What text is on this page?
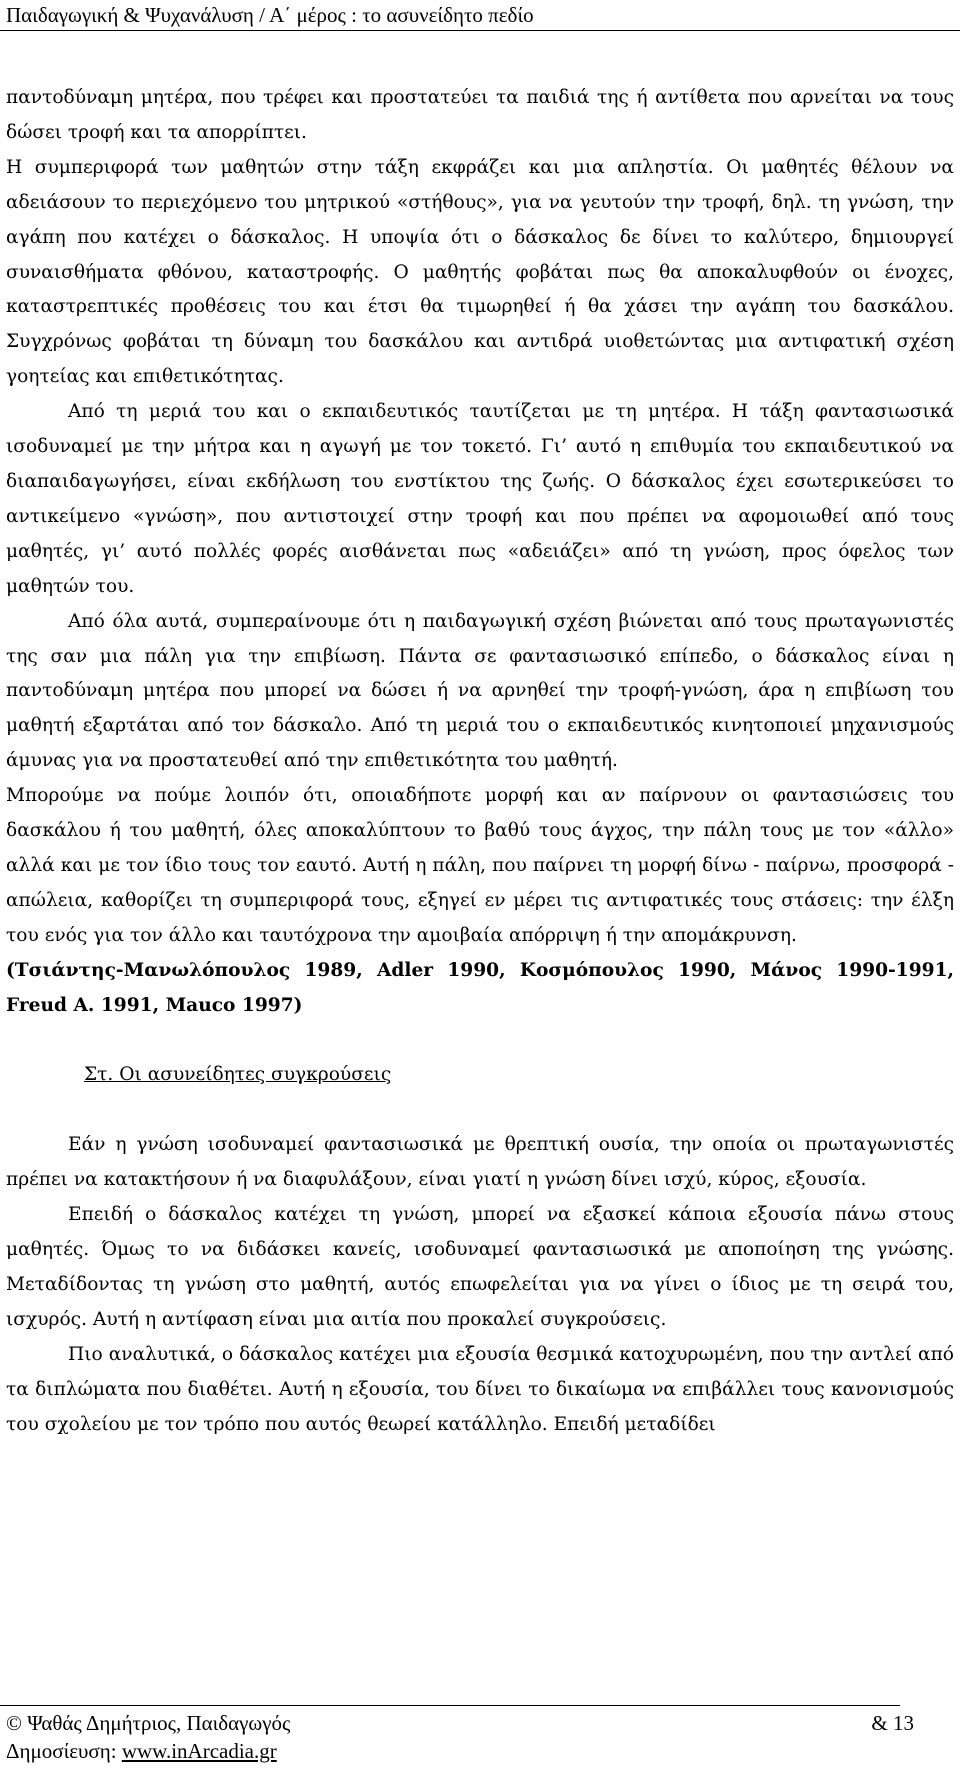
Παιδαγωγική & Ψυχανάλυση / Α΄ μέρος : το ασυνείδητο πεδίο

παντοδύναμη μητέρα, που τρέφει και προστατεύει τα παιδιά της ή αντίθετα που αρνείται να τους δώσει τροφή και τα απορρίπτει.

Η συμπεριφορά των μαθητών στην τάξη εκφράζει και μια απληστία. Οι μαθητές θέλουν να αδειάσουν το περιεχόμενο του μητρικού «στήθους», για να γευτούν την τροφή, δηλ. τη γνώση, την αγάπη που κατέχει ο δάσκαλος. Η υποψία ότι ο δάσκαλος δε δίνει το καλύτερο, δημιουργεί συναισθήματα φθόνου, καταστροφής. Ο μαθητής φοβάται πως θα αποκαλυφθούν οι ένοχες, καταστρεπτικές προθέσεις του και έτσι θα τιμωρηθεί ή θα χάσει την αγάπη του δασκάλου. Συγχρόνως φοβάται τη δύναμη του δασκάλου και αντιδρά υιοθετώντας μια αντιφατική σχέση γοητείας και επιθετικότητας.

Από τη μεριά του και ο εκπαιδευτικός ταυτίζεται με τη μητέρα. Η τάξη φαντασιωσικά ισοδυναμεί με την μήτρα και η αγωγή με τον τοκετό. Γι’ αυτό η επιθυμία του εκπαιδευτικού να διαπαιδαγωγήσει, είναι εκδήλωση του ενστίκτου της ζωής. Ο δάσκαλος έχει εσωτερικεύσει το αντικείμενο «γνώση», που αντιστοιχεί στην τροφή και που πρέπει να αφομοιωθεί από τους μαθητές, γι’ αυτό πολλές φορές αισθάνεται πως «αδειάζει» από τη γνώση, προς όφελος των μαθητών του.

Από όλα αυτά, συμπεραίνουμε ότι η παιδαγωγική σχέση βιώνεται από τους πρωταγωνιστές της σαν μια πάλη για την επιβίωση. Πάντα σε φαντασιωσικό επίπεδο, ο δάσκαλος είναι η παντοδύναμη μητέρα που μπορεί να δώσει ή να αρνηθεί την τροφή-γνώση, άρα η επιβίωση του μαθητή εξαρτάται από τον δάσκαλο. Από τη μεριά του ο εκπαιδευτικός κινητοποιεί μηχανισμούς άμυνας για να προστατευθεί από την επιθετικότητα του μαθητή.

Μπορούμε να πούμε λοιπόν ότι, οποιαδήποτε μορφή και αν παίρνουν οι φαντασιώσεις του δασκάλου ή του μαθητή, όλες αποκαλύπτουν το βαθύ τους άγχος, την πάλη τους με τον «άλλο» αλλά και με τον ίδιο τους τον εαυτό. Αυτή η πάλη, που παίρνει τη μορφή δίνω - παίρνω, προσφορά - απώλεια, καθορίζει τη συμπεριφορά τους, εξηγεί εν μέρει τις αντιφατικές τους στάσεις: την έλξη του ενός για τον άλλο και ταυτόχρονα την αμοιβαία απόρριψη ή την απομάκρυνση.

(Τσιάντης-Μανωλόπουλος 1989, Adler 1990, Κοσμόπουλος 1990, Μάνος 1990-1991, Freud A. 1991, Mauco 1997)

Στ. Οι ασυνείδητες συγκρούσεις

Εάν η γνώση ισοδυναμεί φαντασιωσικά με θρεπτική ουσία, την οποία οι πρωταγωνιστές πρέπει να κατακτήσουν ή να διαφυλάξουν, είναι γιατί η γνώση δίνει ισχύ, κύρος, εξουσία.

Επειδή ο δάσκαλος κατέχει τη γνώση, μπορεί να εξασκεί κάποια εξουσία πάνω στους μαθητές. Όμως το να διδάσκει κανείς, ισοδυναμεί φαντασιωσικά με αποποίηση της γνώσης. Μεταδίδοντας τη γνώση στο μαθητή, αυτός επωφελείται για να γίνει ο ίδιος με τη σειρά του, ισχυρός. Αυτή η αντίφαση είναι μια αιτία που προκαλεί συγκρούσεις.

Πιο αναλυτικά, ο δάσκαλος κατέχει μια εξουσία θεσμικά κατοχυρωμένη, που την αντλεί από τα διπλώματα που διαθέτει. Αυτή η εξουσία, του δίνει το δικαίωμα να επιβάλλει τους κανονισμούς του σχολείου με τον τρόπο που αυτός θεωρεί κατάλληλο. Επειδή μεταδίδει

© Ψαθάς Δημήτριος, Παιδαγωγός	& 13
Δημοσίευση: www.inArcadia.gr
